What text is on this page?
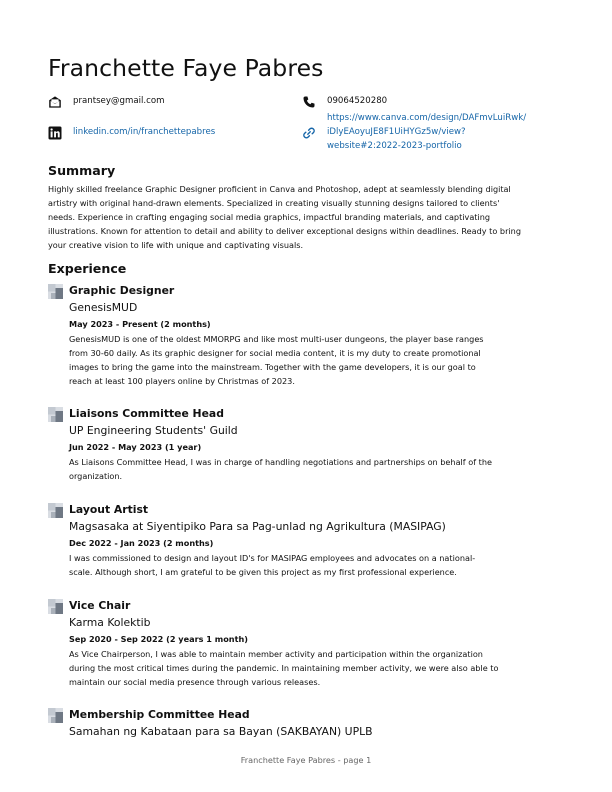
Franchette Faye Pabres
prantsey@gmail.com	09064520280
linkedin.com/in/franchettepabres
https://www.canva.com/design/DAFmvLuiRwk/
iDlyEAoyuJE8F1UiHYGz5w/view?
website#2:2022-2023-portfolio
Summary
Highly skilled freelance Graphic Designer proficient in Canva and Photoshop, adept at seamlessly blending digital
artistry with original hand-drawn elements. Specialized in creating visually stunning designs tailored to clients'
needs. Experience in crafting engaging social media graphics, impactful branding materials, and captivating
illustrations. Known for attention to detail and ability to deliver exceptional designs within deadlines. Ready to bring
your creative vision to life with unique and captivating visuals.
Experience
Graphic Designer
GenesisMUD
May 2023 - Present (2 months)
GenesisMUD is one of the oldest MMORPG and like most multi-user dungeons, the player base ranges
from 30-60 daily. As its graphic designer for social media content, it is my duty to create promotional
images to bring the game into the mainstream. Together with the game developers, it is our goal to
reach at least 100 players online by Christmas of 2023.
Liaisons Committee Head
UP Engineering Students' Guild
Jun 2022 - May 2023 (1 year)
As Liaisons Committee Head, I was in charge of handling negotiations and partnerships on behalf of the
organization.
Layout Artist
Magsasaka at Siyentipiko Para sa Pag-unlad ng Agrikultura (MASIPAG)
Dec 2022 - Jan 2023 (2 months)
I was commissioned to design and layout ID's for MASIPAG employees and advocates on a national-
scale. Although short, I am grateful to be given this project as my first professional experience.
Vice Chair
Karma Kolektib
Sep 2020 - Sep 2022 (2 years 1 month)
As Vice Chairperson, I was able to maintain member activity and participation within the organization
during the most critical times during the pandemic. In maintaining member activity, we were also able to
maintain our social media presence through various releases.
Membership Committee Head
Samahan ng Kabataan para sa Bayan (SAKBAYAN) UPLB
Franchette Faye Pabres - page 1
